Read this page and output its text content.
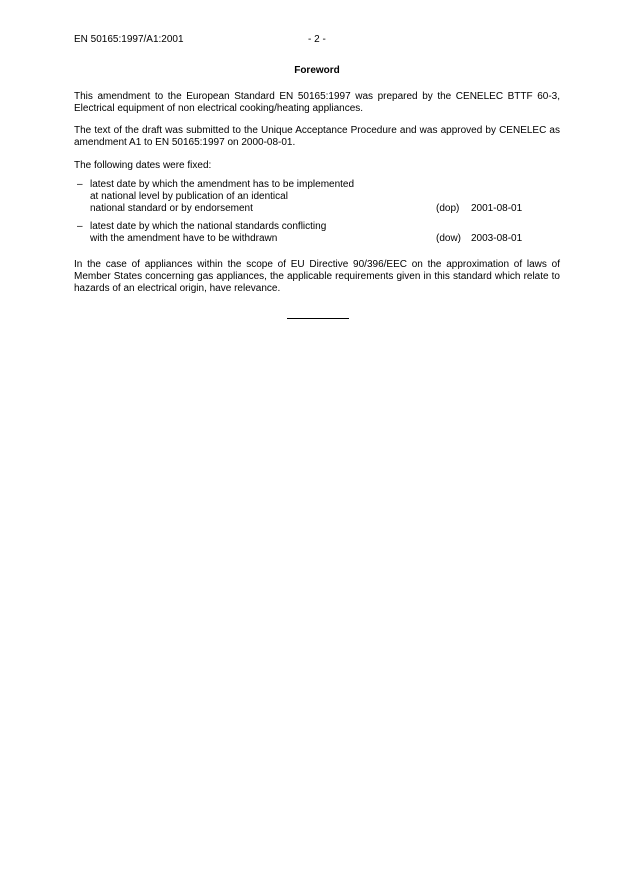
EN 50165:1997/A1:2001	- 2 -
Foreword
This amendment to the European Standard EN 50165:1997 was prepared by the CENELEC BTTF 60-3, Electrical equipment of non electrical cooking/heating appliances.
The text of the draft was submitted to the Unique Acceptance Procedure and was approved by CENELEC as amendment A1 to EN 50165:1997 on 2000-08-01.
The following dates were fixed:
– latest date by which the amendment has to be implemented
at national level by publication of an identical
national standard or by endorsement	(dop)	2001-08-01
– latest date by which the national standards conflicting
with the amendment have to be withdrawn	(dow) 2003-08-01
In the case of appliances within the scope of EU Directive 90/396/EEC on the approximation of laws of Member States concerning gas appliances, the applicable requirements given in this standard which relate to hazards of an electrical origin, have relevance.
